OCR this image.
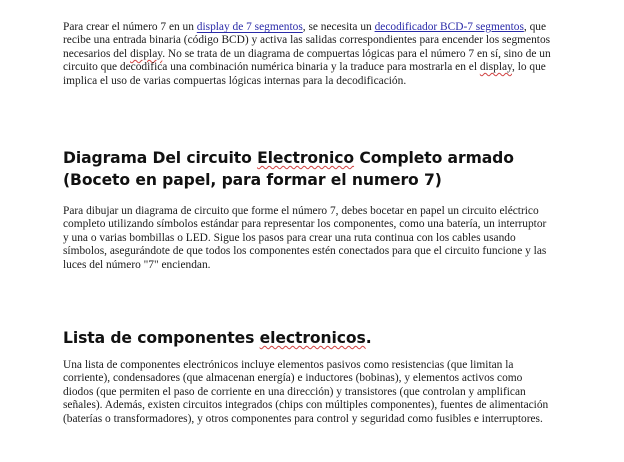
Para crear el número 7 en un display de 7 segmentos, se necesita un decodificador BCD-7 segmentos, que recibe una entrada binaria (código BCD) y activa las salidas correspondientes para encender los segmentos necesarios del display. No se trata de un diagrama de compuertas lógicas para el número 7 en sí, sino de un circuito que decodifica una combinación numérica binaria y la traduce para mostrarla en el display, lo que implica el uso de varias compuertas lógicas internas para la decodificación.

Diagrama Del circuito Electronico Completo armado
(Boceto en papel, para formar el numero 7)

Para dibujar un diagrama de circuito que forme el número 7, debes bocetar en papel un circuito eléctrico completo utilizando símbolos estándar para representar los componentes, como una batería, un interruptor y una o varias bombillas o LED. Sigue los pasos para crear una ruta continua con los cables usando símbolos, asegurándote de que todos los componentes estén conectados para que el circuito funcione y las luces del número "7" enciendan.

Lista de componentes electronicos.

Una lista de componentes electrónicos incluye elementos pasivos como resistencias (que limitan la corriente), condensadores (que almacenan energía) e inductores (bobinas), y elementos activos como diodos (que permiten el paso de corriente en una dirección) y transistores (que controlan y amplifican señales). Además, existen circuitos integrados (chips con múltiples componentes), fuentes de alimentación (baterías o transformadores), y otros componentes para control y seguridad como fusibles e interruptores.
